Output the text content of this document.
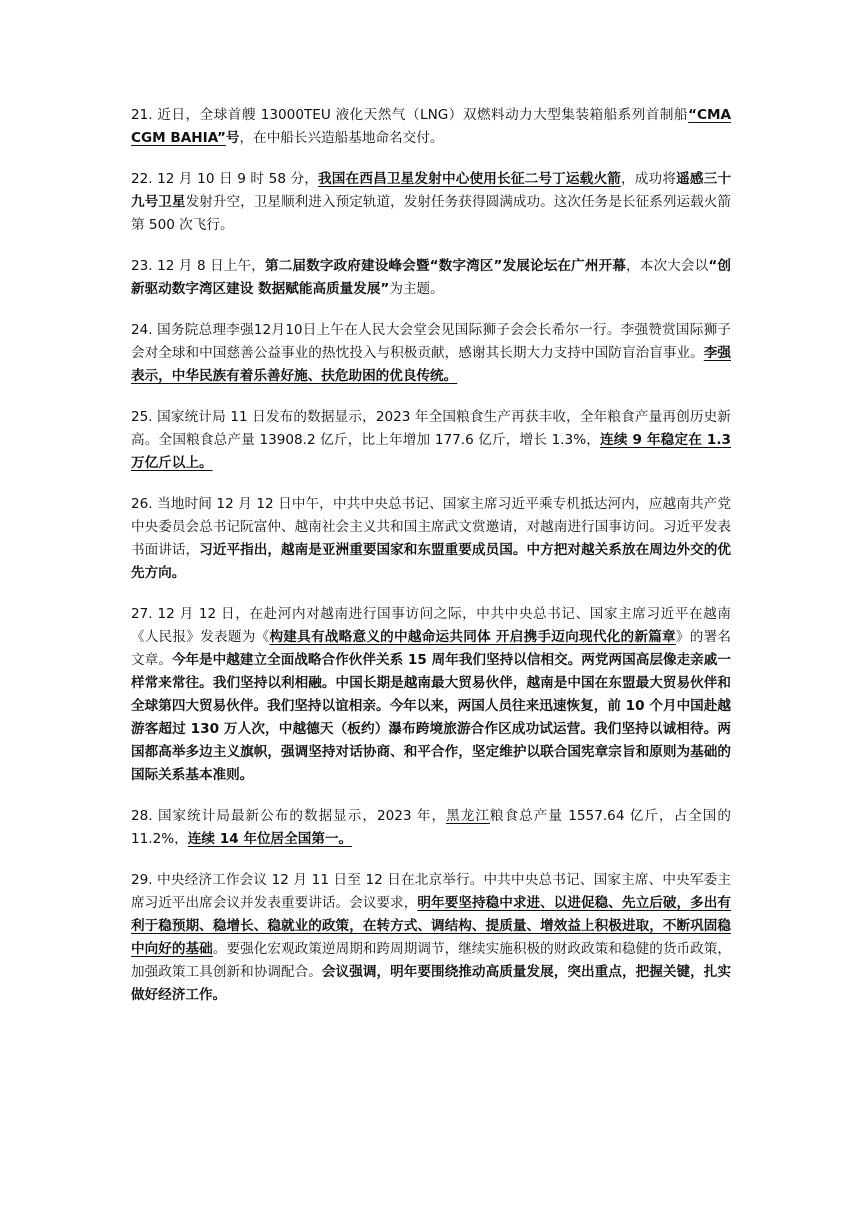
21. 近日，全球首艘 13000TEU 液化天然气（LNG）双燃料动力大型集装箱船系列首制船“CMA CGM BAHIA”号，在中船长兴造船基地命名交付。

22. 12 月 10 日 9 时 58 分，我国在西昌卫星发射中心使用长征二号丁运载火箭，成功将遥感三十九号卫星发射升空，卫星顺利进入预定轨道，发射任务获得圆满成功。这次任务是长征系列运载火箭第 500 次飞行。

23. 12 月 8 日上午，第二届数字政府建设峰会暨“数字湾区”发展论坛在广州开幕，本次大会以“创新驱动数字湾区建设 数据赋能高质量发展”为主题。

24. 国务院总理李强12月10日上午在人民大会堂会见国际狮子会会长希尔一行。李强赞赏国际狮子会对全球和中国慈善公益事业的热忱投入与积极贡献，感谢其长期大力支持中国防盲治盲事业。李强表示，中华民族有着乐善好施、扶危助困的优良传统。

25. 国家统计局 11 日发布的数据显示，2023 年全国粮食生产再获丰收，全年粮食产量再创历史新高。全国粮食总产量 13908.2 亿斤，比上年增加 177.6 亿斤，增长 1.3%，连续 9 年稳定在 1.3 万亿斤以上。

26. 当地时间 12 月 12 日中午，中共中央总书记、国家主席习近平乘专机抵达河内，应越南共产党中央委员会总书记阮富仲、越南社会主义共和国主席武文赏邀请，对越南进行国事访问。习近平发表书面讲话，习近平指出，越南是亚洲重要国家和东盟重要成员国。中方把对越关系放在周边外交的优先方向。

27. 12 月 12 日，在赴河内对越南进行国事访问之际，中共中央总书记、国家主席习近平在越南《人民报》发表题为《构建具有战略意义的中越命运共同体 开启携手迈向现代化的新篇章》的署名文章。今年是中越建立全面战略合作伙伴关系 15 周年我们坚持以信相交。两党两国高层像走亲戚一样常来常往。我们坚持以利相融。中国长期是越南最大贸易伙伴，越南是中国在东盟最大贸易伙伴和全球第四大贸易伙伴。我们坚持以谊相亲。今年以来，两国人员往来迅速恢复，前 10 个月中国赴越游客超过 130 万人次，中越德天（板约）瀑布跨境旅游合作区成功试运营。我们坚持以诚相待。两国都高举多边主义旗帜，强调坚持对话协商、和平合作，坚定维护以联合国宪章宗旨和原则为基础的国际关系基本准则。

28. 国家统计局最新公布的数据显示，2023 年，黑龙江粮食总产量 1557.64 亿斤，占全国的 11.2%，连续 14 年位居全国第一。

29. 中央经济工作会议 12 月 11 日至 12 日在北京举行。中共中央总书记、国家主席、中央军委主席习近平出席会议并发表重要讲话。会议要求，明年要坚持稳中求进、以进促稳、先立后破，多出有利于稳预期、稳增长、稳就业的政策，在转方式、调结构、提质量、增效益上积极进取，不断巩固稳中向好的基础。要强化宏观政策逆周期和跨周期调节，继续实施积极的财政政策和稳健的货币政策，加强政策工具创新和协调配合。会议强调，明年要围绕推动高质量发展，突出重点，把握关键，扎实做好经济工作。
